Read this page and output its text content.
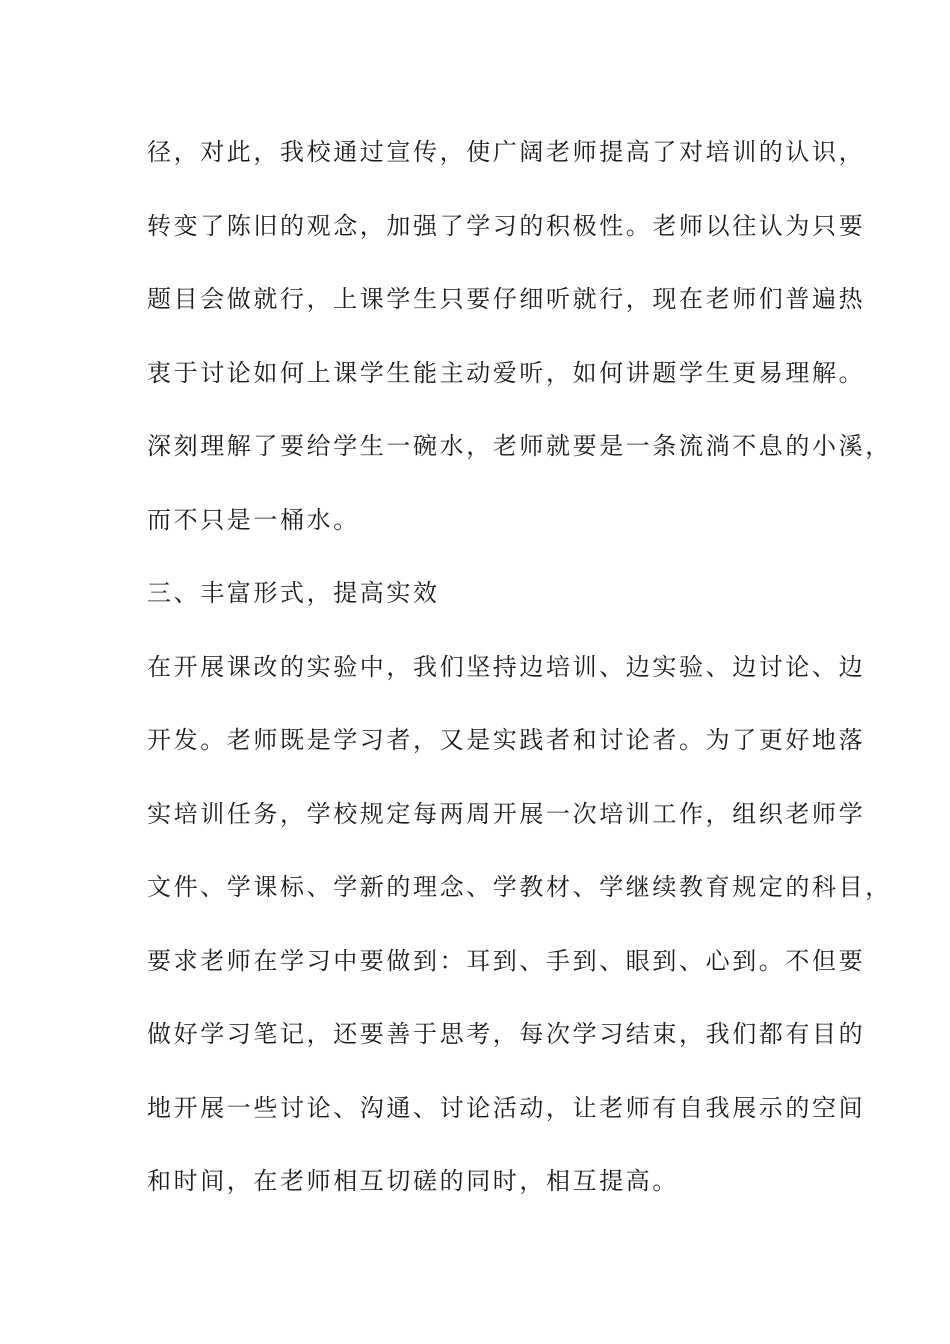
径，对此，我校通过宣传，使广阔老师提高了对培训的认识，
转变了陈旧的观念，加强了学习的积极性。老师以往认为只要
题目会做就行，上课学生只要仔细听就行，现在老师们普遍热
衷于讨论如何上课学生能主动爱听，如何讲题学生更易理解。
深刻理解了要给学生一碗水，老师就要是一条流淌不息的小溪，
而不只是一桶水。
三、丰富形式，提高实效
在开展课改的实验中，我们坚持边培训、边实验、边讨论、边
开发。老师既是学习者，又是实践者和讨论者。为了更好地落
实培训任务，学校规定每两周开展一次培训工作，组织老师学
文件、学课标、学新的理念、学教材、学继续教育规定的科目，
要求老师在学习中要做到：耳到、手到、眼到、心到。不但要
做好学习笔记，还要善于思考，每次学习结束，我们都有目的
地开展一些讨论、沟通、讨论活动，让老师有自我展示的空间
和时间，在老师相互切磋的同时，相互提高。
